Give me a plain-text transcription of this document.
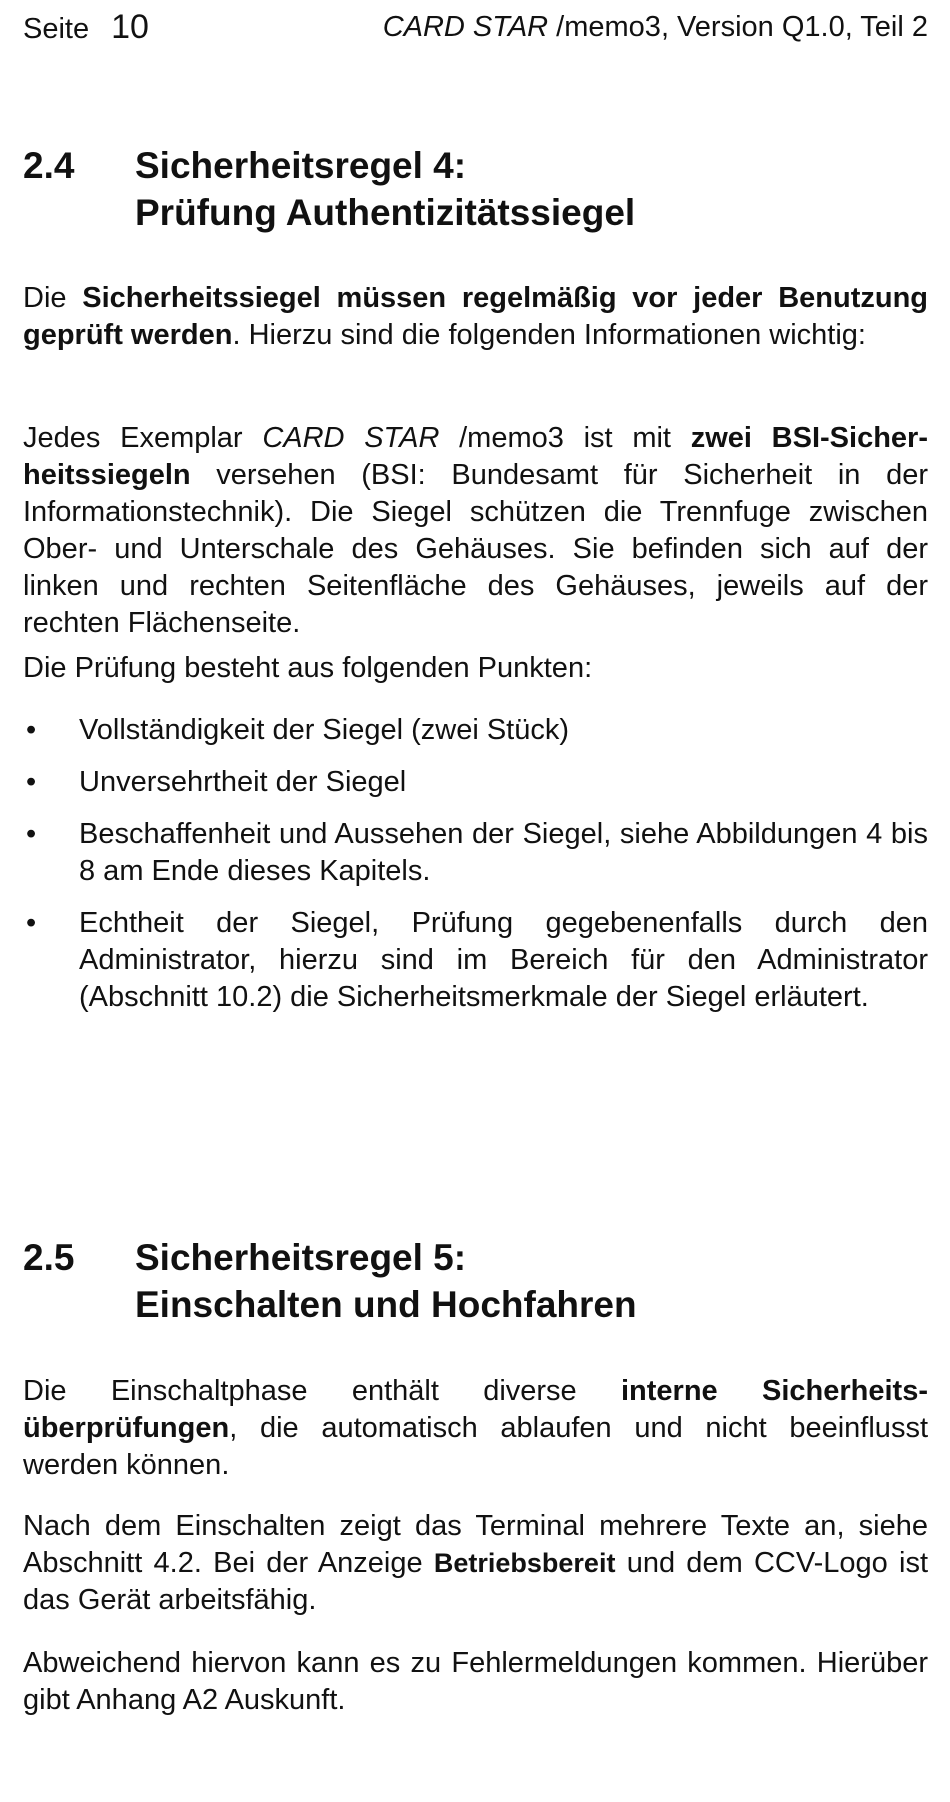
Seite 10	CARD STAR /memo3, Version Q1.0, Teil 2
2.4 Sicherheitsregel 4:
Prüfung Authentizitätssiegel

Die Sicherheitssiegel müssen regelmäßig vor jeder Benutzung geprüft werden. Hierzu sind die folgenden Informationen wichtig:

Jedes Exemplar CARD STAR /memo3 ist mit zwei BSI-Sicherheitssiegeln versehen (BSI: Bundesamt für Sicherheit in der Informationstechnik). Die Siegel schützen die Trennfuge zwischen Ober- und Unterschale des Gehäuses. Sie befinden sich auf der linken und rechten Seitenfläche des Gehäuses, jeweils auf der rechten Flächenseite.

Die Prüfung besteht aus folgenden Punkten:

• Vollständigkeit der Siegel (zwei Stück)
• Unversehrtheit der Siegel
• Beschaffenheit und Aussehen der Siegel, siehe Abbildungen 4 bis 8 am Ende dieses Kapitels.
• Echtheit der Siegel, Prüfung gegebenenfalls durch den Administrator, hierzu sind im Bereich für den Administrator (Abschnitt 10.2) die Sicherheitsmerkmale der Siegel erläutert.
2.5 Sicherheitsregel 5:
Einschalten und Hochfahren

Die Einschaltphase enthält diverse interne Sicherheitsüberprüfungen, die automatisch ablaufen und nicht beeinflusst werden können.

Nach dem Einschalten zeigt das Terminal mehrere Texte an, siehe Abschnitt 4.2. Bei der Anzeige Betriebsbereit und dem CCV-Logo ist das Gerät arbeitsfähig.

Abweichend hiervon kann es zu Fehlermeldungen kommen. Hierüber gibt Anhang A2 Auskunft.
